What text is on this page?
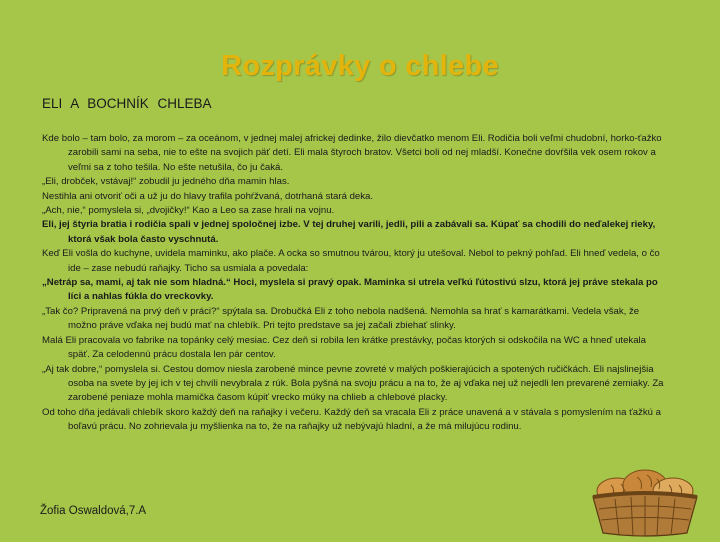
Rozprávky o chlebe
ELI A BOCHNÍK CHLEBA

Kde bolo – tam bolo, za morom – za oceánom, v jednej malej africkej dedinke, žilo dievčatko menom Eli. Rodičia boli veľmi chudobní, horko-ťažko zarobili sami na seba, nie to ešte na svojich päť detí. Eli mala štyroch bratov. Všetci boli od nej mladší. Konečne dovŕšila vek osem rokov a veľmi sa z toho tešila. No ešte netušila, čo ju čaká.

„Eli, drobček, vstávaj!“ zobudil ju jedného dňa mamin hlas.

Nestihla ani otvoriť oči a už ju do hlavy trafila pohŕžvaná, dotrhaná stará deka.

„Ach, nie,“ pomyslela si, „dvojičky!“ Kao a Leo sa zase hrali na vojnu.

Eli, jej štyria bratia i rodičia spali v jednej spoločnej izbe. V tej druhej varili, jedli, pili a zabávali sa. Kúpať sa chodili do neďalekej rieky, ktorá však bola často vyschnutá.

Keď Eli vošla do kuchyne, uvidela maminku, ako plače. A ocka so smutnou tvárou, ktorý ju utešoval. Nebol to pekný pohľad. Eli hneď vedela, o čo ide – zase nebudú raňajky. Ticho sa usmiala a povedala:

„Netráp sa, mami, aj tak nie som hladná.“ Hoci, myslela si pravý opak. Maminka si utrela veľkú ľútostivú slzu, ktorá jej práve stekala po líci a nahlas fúkla do vreckovky.

„Tak čo? Pripravená na prvý deň v práci?“ spýtala sa. Drobučká Eli z toho nebola nadšená. Nemohla sa hrať s kamarátkami. Vedela však, že možno práve vďaka nej budú mať na chlebík. Pri tejto predstave sa jej začali zbiehať slinky.

Malá Eli pracovala vo fabrike na topánky celý mesiac. Cez deň si robila len krátke prestávky, počas ktorých si odskočila na WC a hneď utekala späť. Za celodennú prácu dostala len pár centov.

„Aj tak dobre,“ pomyslela si. Cestou domov niesla zarobené mince pevne zovreté v malých poškierajúcich a spotených ručičkách. Eli najslinejšia osoba na svete by jej ich v tej chvíli nevybrala z rúk. Bola pyšná na svoju prácu a na to, že aj vďaka nej už nejedli len prevarené zemiaky. Za zarobené peniaze mohla mamička časom kúpiť vrecko múky na chlieb a chlebové placky.

Od toho dňa jedávali chlebík skoro každý deň na raňajky i večeru. Každý deň sa vracala Eli z práce unavená a v stávala s pomyslením na ťažkú a boľavú prácu. No zohrievala ju myšlienka na to, že na raňajky už nebývajú hladní, a že má milujúcu rodinu.

Žofia Oswaldová,7.A
